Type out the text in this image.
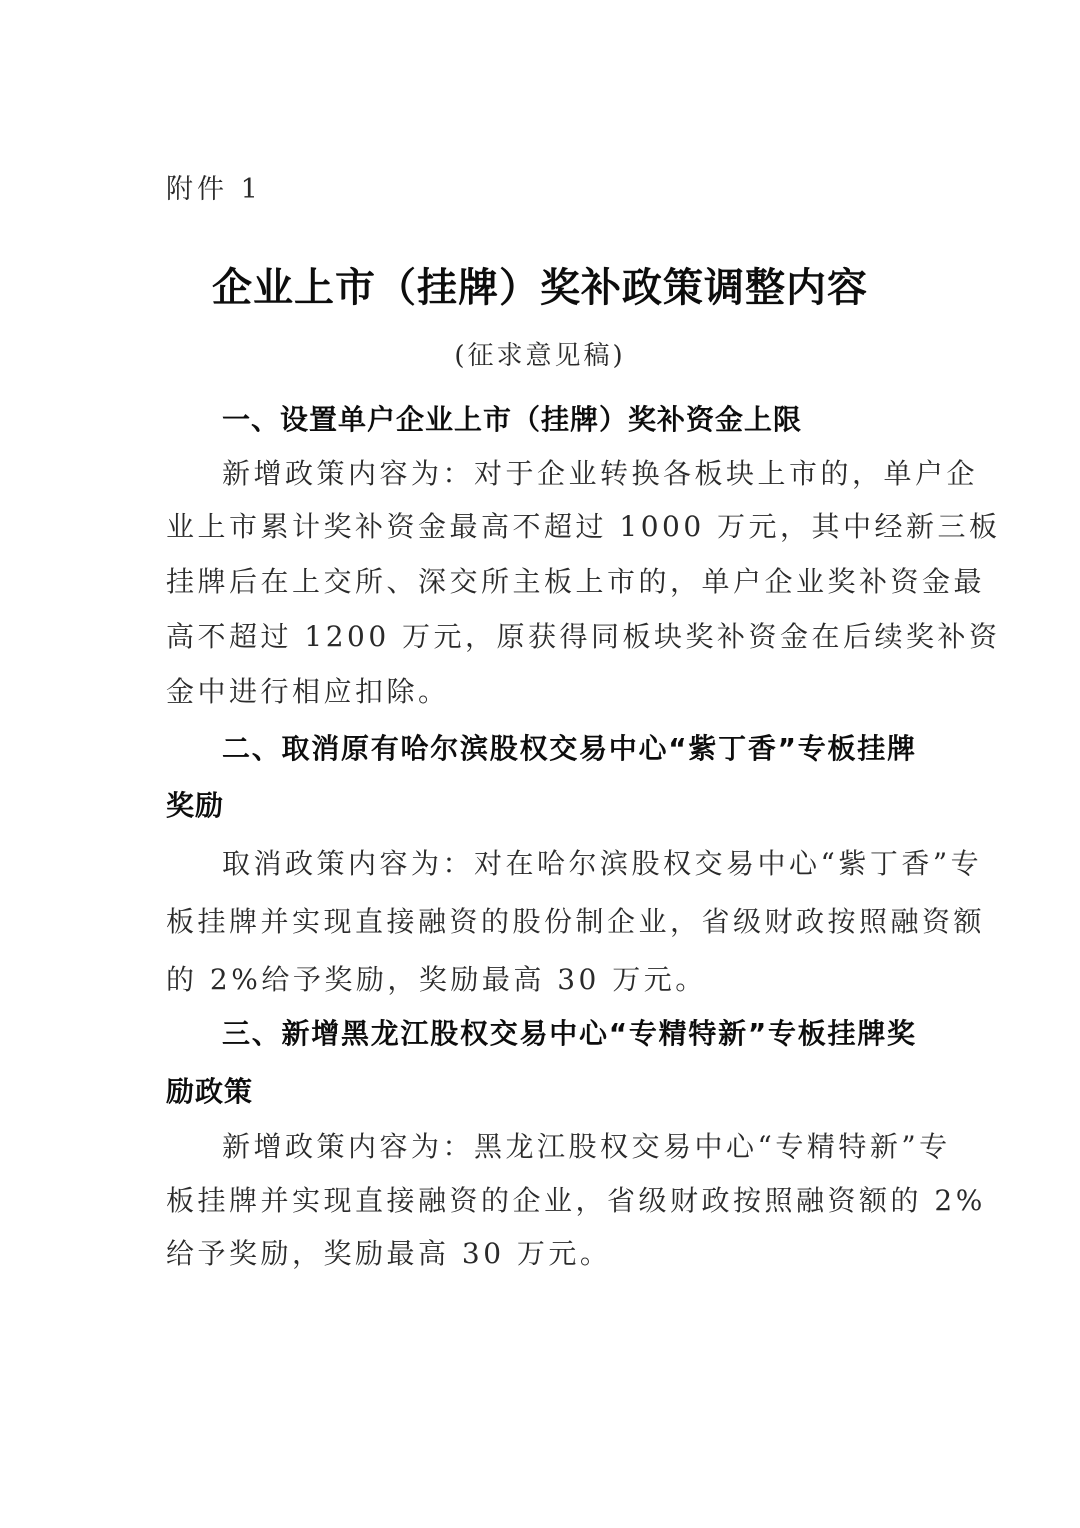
附件 1
企业上市（挂牌）奖补政策调整内容
(征求意见稿)
一、设置单户企业上市（挂牌）奖补资金上限
新增政策内容为：对于企业转换各板块上市的，单户企
业上市累计奖补资金最高不超过 1000 万元，其中经新三板
挂牌后在上交所、深交所主板上市的，单户企业奖补资金最
高不超过 1200 万元，原获得同板块奖补资金在后续奖补资
金中进行相应扣除。
二、取消原有哈尔滨股权交易中心“紫丁香”专板挂牌
奖励
取消政策内容为：对在哈尔滨股权交易中心“紫丁香”专
板挂牌并实现直接融资的股份制企业，省级财政按照融资额
的 2%给予奖励，奖励最高 30 万元。
三、新增黑龙江股权交易中心“专精特新”专板挂牌奖
励政策
新增政策内容为：黑龙江股权交易中心“专精特新”专
板挂牌并实现直接融资的企业，省级财政按照融资额的 2%
给予奖励，奖励最高 30 万元。
